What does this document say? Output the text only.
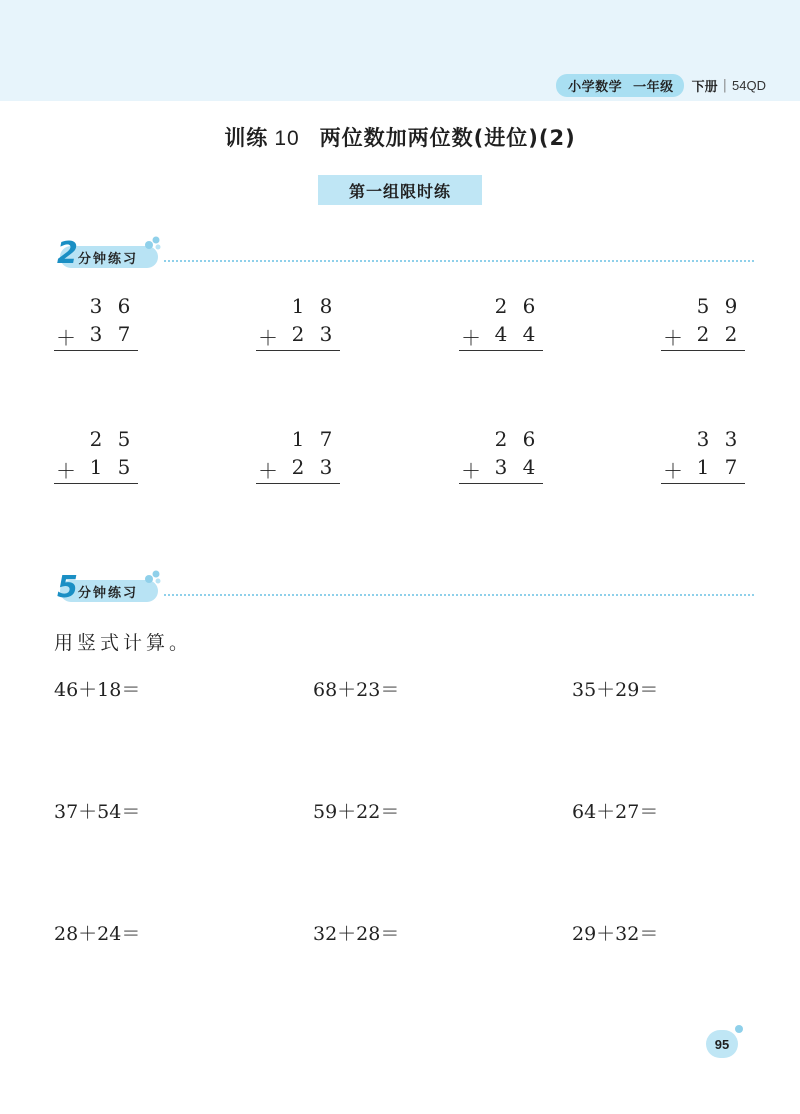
小学数学 一年级	下册 | 54QD
训练 10 两位数加两位数(进位)(2)
第一组限时练
2 分钟练习
3 6
＋ 3 7
1 8
＋ 2 3
2 6
＋ 4 4
5 9
＋ 2 2
2 5
＋ 1 5
1 7
＋ 2 3
2 6
＋ 3 4
3 3
＋ 1 7
5 分钟练习
用竖式计算。
46＋18＝	68＋23＝	35＋29＝
37＋54＝	59＋22＝	64＋27＝
28＋24＝	32＋28＝	29＋32＝
95
